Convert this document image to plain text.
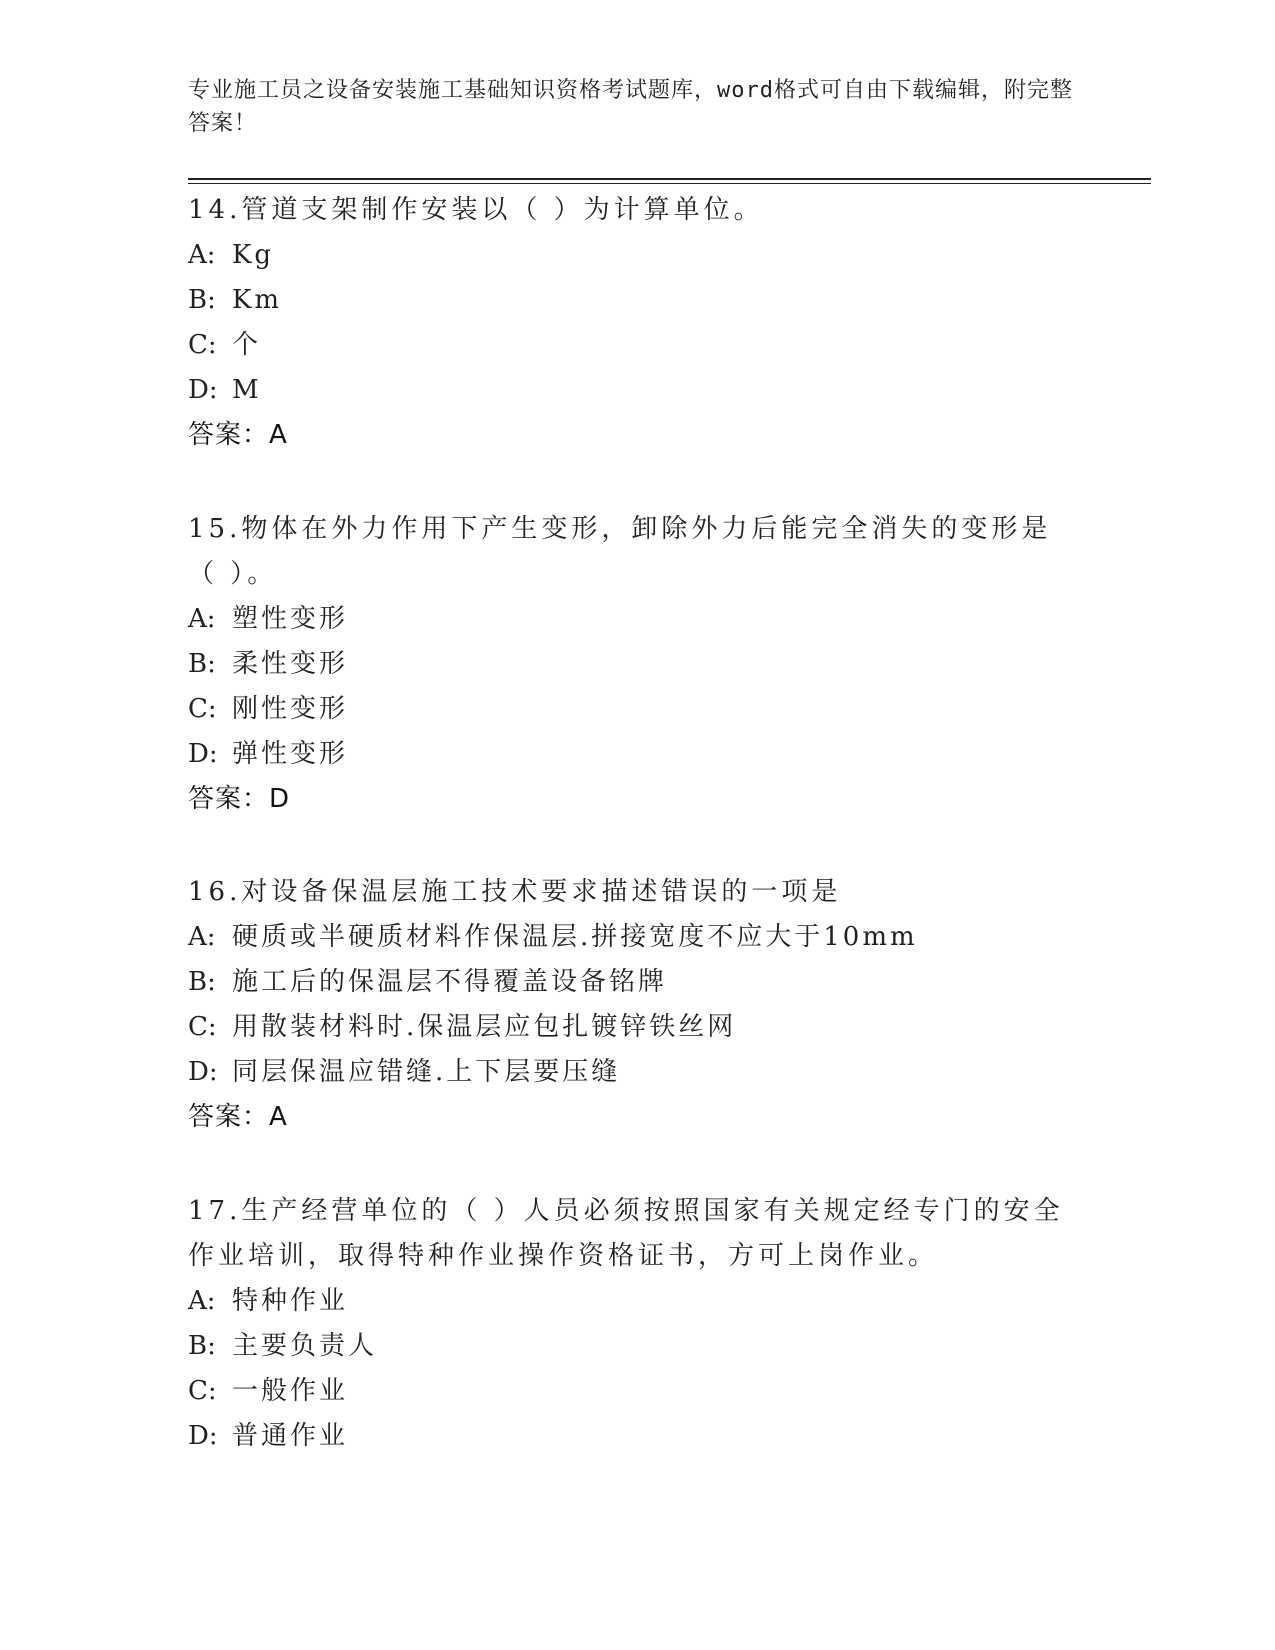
专业施工员之设备安装施工基础知识资格考试题库，word格式可自由下载编辑，附完整答案！

14.管道支架制作安装以（ ）为计算单位。

A: Kg

B: Km

C: 个

D: M

答案：A

15.物体在外力作用下产生变形，卸除外力后能完全消失的变形是（ ）。

A: 塑性变形

B: 柔性变形

C: 刚性变形

D: 弹性变形

答案：D

16.对设备保温层施工技术要求描述错误的一项是

A: 硬质或半硬质材料作保温层.拼接宽度不应大于10mm

B: 施工后的保温层不得覆盖设备铭牌

C: 用散装材料时.保温层应包扎镀锌铁丝网

D: 同层保温应错缝.上下层要压缝

答案：A

17.生产经营单位的（ ）人员必须按照国家有关规定经专门的安全作业培训，取得特种作业操作资格证书，方可上岗作业。

A: 特种作业

B: 主要负责人

C: 一般作业

D: 普通作业
